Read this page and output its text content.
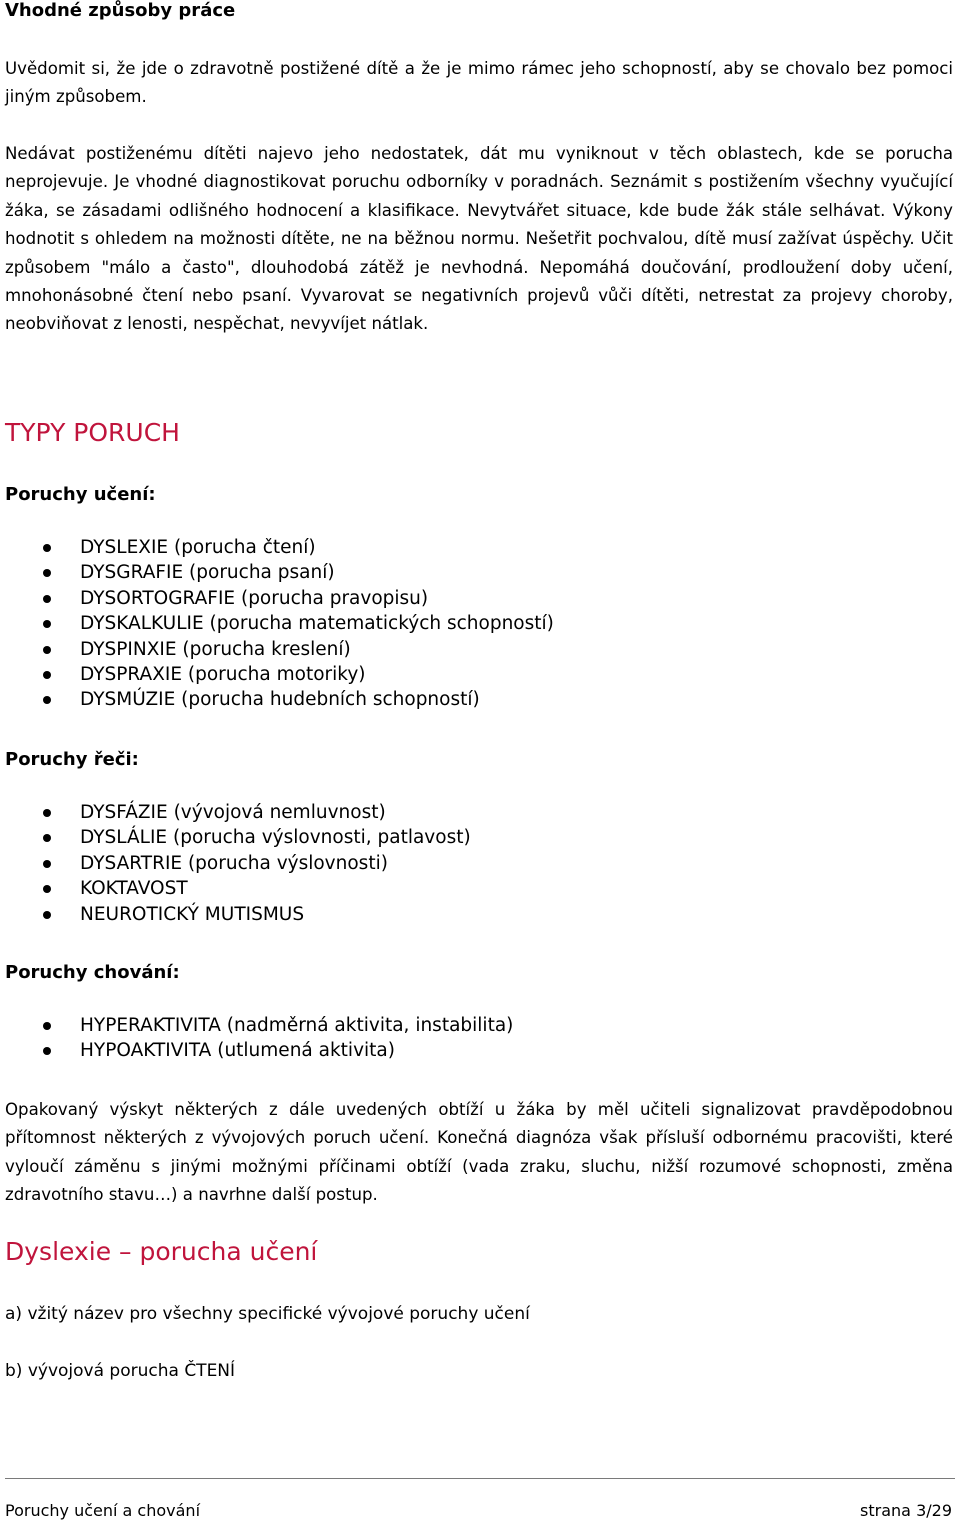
Vhodné způsoby práce
Uvědomit si, že jde o zdravotně postižené dítě a že je mimo rámec jeho schopností, aby se chovalo bez pomoci jiným způsobem.
Nedávat postiženému dítěti najevo jeho nedostatek, dát mu vyniknout v těch oblastech, kde se porucha neprojevuje. Je vhodné diagnostikovat poruchu odborníky v poradnách. Seznámit s postižením všechny vyučující žáka, se zásadami odlišného hodnocení a klasifikace. Nevytvářet situace, kde bude žák stále selhávat. Výkony hodnotit s ohledem na možnosti dítěte, ne na běžnou normu. Nešetřit pochvalou, dítě musí zažívat úspěchy. Učit způsobem "málo a často", dlouhodobá zátěž je nevhodná. Nepomáhá doučování, prodloužení doby učení, mnohonásobné čtení nebo psaní. Vyvarovat se negativních projevů vůči dítěti, netrestat za projevy choroby, neobviňovat z lenosti, nespěchat, nevyvíjet nátlak.
TYPY PORUCH
Poruchy učení:
DYSLEXIE (porucha čtení)
DYSGRAFIE (porucha psaní)
DYSORTOGRAFIE (porucha pravopisu)
DYSKALKULIE (porucha matematických schopností)
DYSPINXIE (porucha kreslení)
DYSPRAXIE (porucha motoriky)
DYSMÚZIE (porucha hudebních schopností)
Poruchy řeči:
DYSFÁZIE (vývojová nemluvnost)
DYSLÁLIE (porucha výslovnosti, patlavost)
DYSARTRIE (porucha výslovnosti)
KOKTAVOST
NEUROTICKÝ MUTISMUS
Poruchy chování:
HYPERAKTIVITA (nadměrná aktivita, instabilita)
HYPOAKTIVITA (utlumená aktivita)
Opakovaný výskyt některých z dále uvedených obtíží u žáka by měl učiteli signalizovat pravděpodobnou přítomnost některých z vývojových poruch učení. Konečná diagnóza však přísluší odbornému pracovišti, které vyloučí záměnu s jinými možnými příčinami obtíží (vada zraku, sluchu, nižší rozumové schopnosti, změna zdravotního stavu…) a navrhne další postup.
Dyslexie – porucha učení
a) vžitý název pro všechny specifické vývojové poruchy učení
b) vývojová porucha ČTENÍ
Poruchy učení a chování	strana 3/29
